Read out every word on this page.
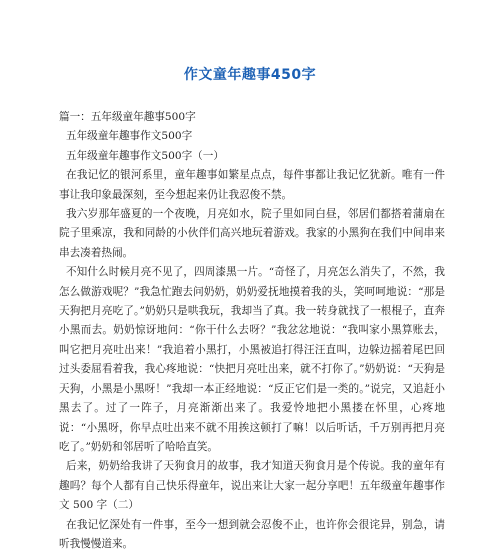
作文童年趣事450字

篇一：五年级童年趣事500字

五年级童年趣事作文500字

五年级童年趣事作文500字（一）

在我记忆的银河系里，童年趣事如繁星点点，每件事都让我记忆犹新。唯有一件事让我印象最深刻，至今想起来仍让我忍俊不禁。

我六岁那年盛夏的一个夜晚，月亮如水，院子里如同白昼，邻居们都搭着蒲扇在院子里乘凉，我和同龄的小伙伴们高兴地玩着游戏。我家的小黑狗在我们中间串来串去凑着热闹。

不知什么时候月亮不见了，四周漆黑一片。“奇怪了，月亮怎么消失了，不然，我怎么做游戏呢？”我急忙跑去问奶奶，奶奶爱抚地摸着我的头，笑呵呵地说：“那是天狗把月亮吃了。”奶奶只是哄我玩，我却当了真。我一转身就找了一根棍子，直奔小黑而去。奶奶惊讶地问：“你干什么去呀？”我忿忿地说：“我叫家小黑算账去，叫它把月亮吐出来！”我追着小黑打，小黑被追打得汪汪直叫，边躲边摇着尾巴回过头委屈看着我，我心疼地说：“快把月亮吐出来，就不打你了。”奶奶说：“天狗是天狗，小黑是小黑呀！”我却一本正经地说：“反正它们是一类的。”说完，又追赶小黑去了。过了一阵子，月亮渐渐出来了。我爱怜地把小黑搂在怀里，心疼地说：“小黑呀，你早点吐出来不就不用挨这顿打了嘛！以后听话，千万别再把月亮吃了。”奶奶和邻居听了哈哈直笑。

后来，奶奶给我讲了天狗食月的故事，我才知道天狗食月是个传说。我的童年有趣吗？每个人都有自己快乐得童年，说出来让大家一起分享吧！五年级童年趣事作文 500 字（二）

在我记忆深处有一件事，至今一想到就会忍俊不止，也许你会很诧异，别急，请听我慢慢道来。
